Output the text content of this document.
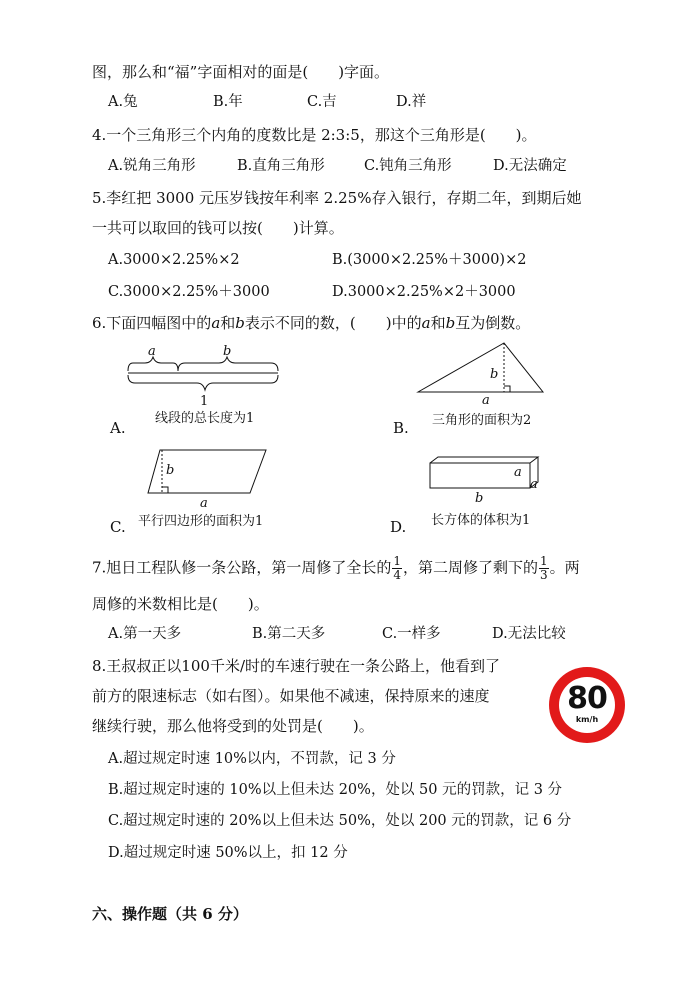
图，那么和“福”字面相对的面是(　　)字面。
A.兔	B.年	C.吉	D.祥
4.一个三角形三个内角的度数比是 2:3:5，那这个三角形是(　　)。
A.锐角三角形	B.直角三角形	C.钝角三角形	D.无法确定
5.李红把 3000 元压岁钱按年利率 2.25%存入银行，存期二年，到期后她
一共可以取回的钱可以按(　　)计算。
A.3000×2.25%×2	B.(3000×2.25%＋3000)×2
C.3000×2.25%＋3000	D.3000×2.25%×2＋3000
6.下面四幅图中的a和b表示不同的数，(　　)中的a和b互为倒数。
a	b
1
A.
线段的总长度为1
b
a
B. 三角形的面积为2
b
a
C. 平行四边形的面积为1
a
a
b
D. 长方体的体积为1
7.旭日工程队修一条公路，第一周修了全长的 $\frac{1}{4}$ ，第二周修了剩下的 $\frac{1}{3}$ 。两
周修的米数相比是(　　)。
A.第一天多	B.第二天多	C.一样多	D.无法比较
8.王叔叔正以100千米/时的车速行驶在一条公路上，他看到了
前方的限速标志（如右图）。如果他不减速，保持原来的速度
继续行驶，那么他将受到的处罚是(　　)。
80
km/h
A.超过规定时速 10%以内，不罚款，记 3 分
B.超过规定时速的 10%以上但未达 20%，处以 50 元的罚款，记 3 分
C.超过规定时速的 20%以上但未达 50%，处以 200 元的罚款，记 6 分
D.超过规定时速 50%以上，扣 12 分
六、操作题（共 6 分）
